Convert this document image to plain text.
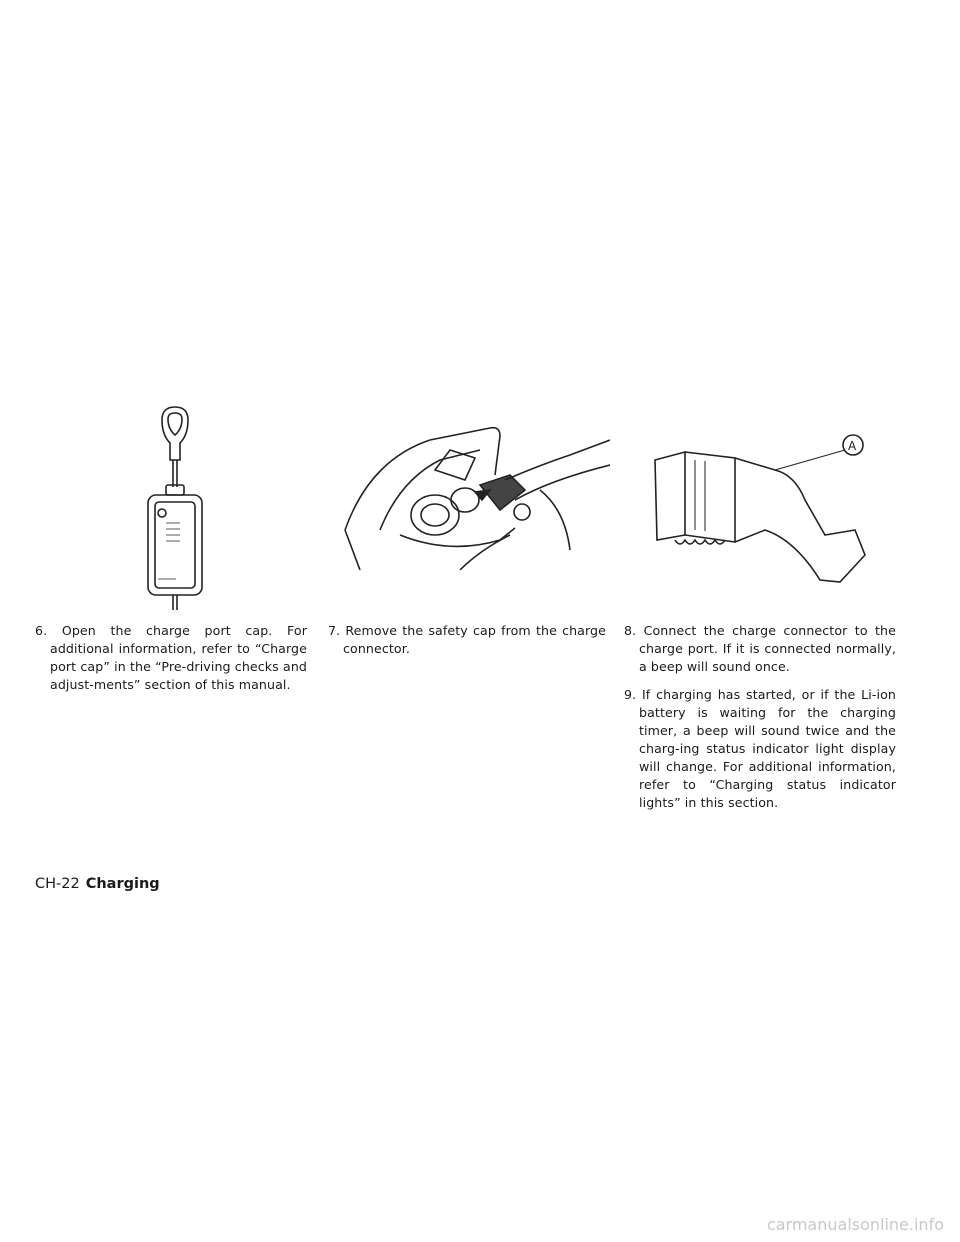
A

6. Open the charge port cap. For additional information, refer to “Charge port cap” in the “Pre-driving checks and adjust-ments” section of this manual.

7. Remove the safety cap from the charge connector.

8. Connect the charge connector to the charge port. If it is connected normally, a beep will sound once.

9. If charging has started, or if the Li-ion battery is waiting for the charging timer, a beep will sound twice and the charg-ing status indicator light display will change. For additional information, refer to “Charging status indicator lights” in this section.

CH-22 Charging
carmanualsonline.info
